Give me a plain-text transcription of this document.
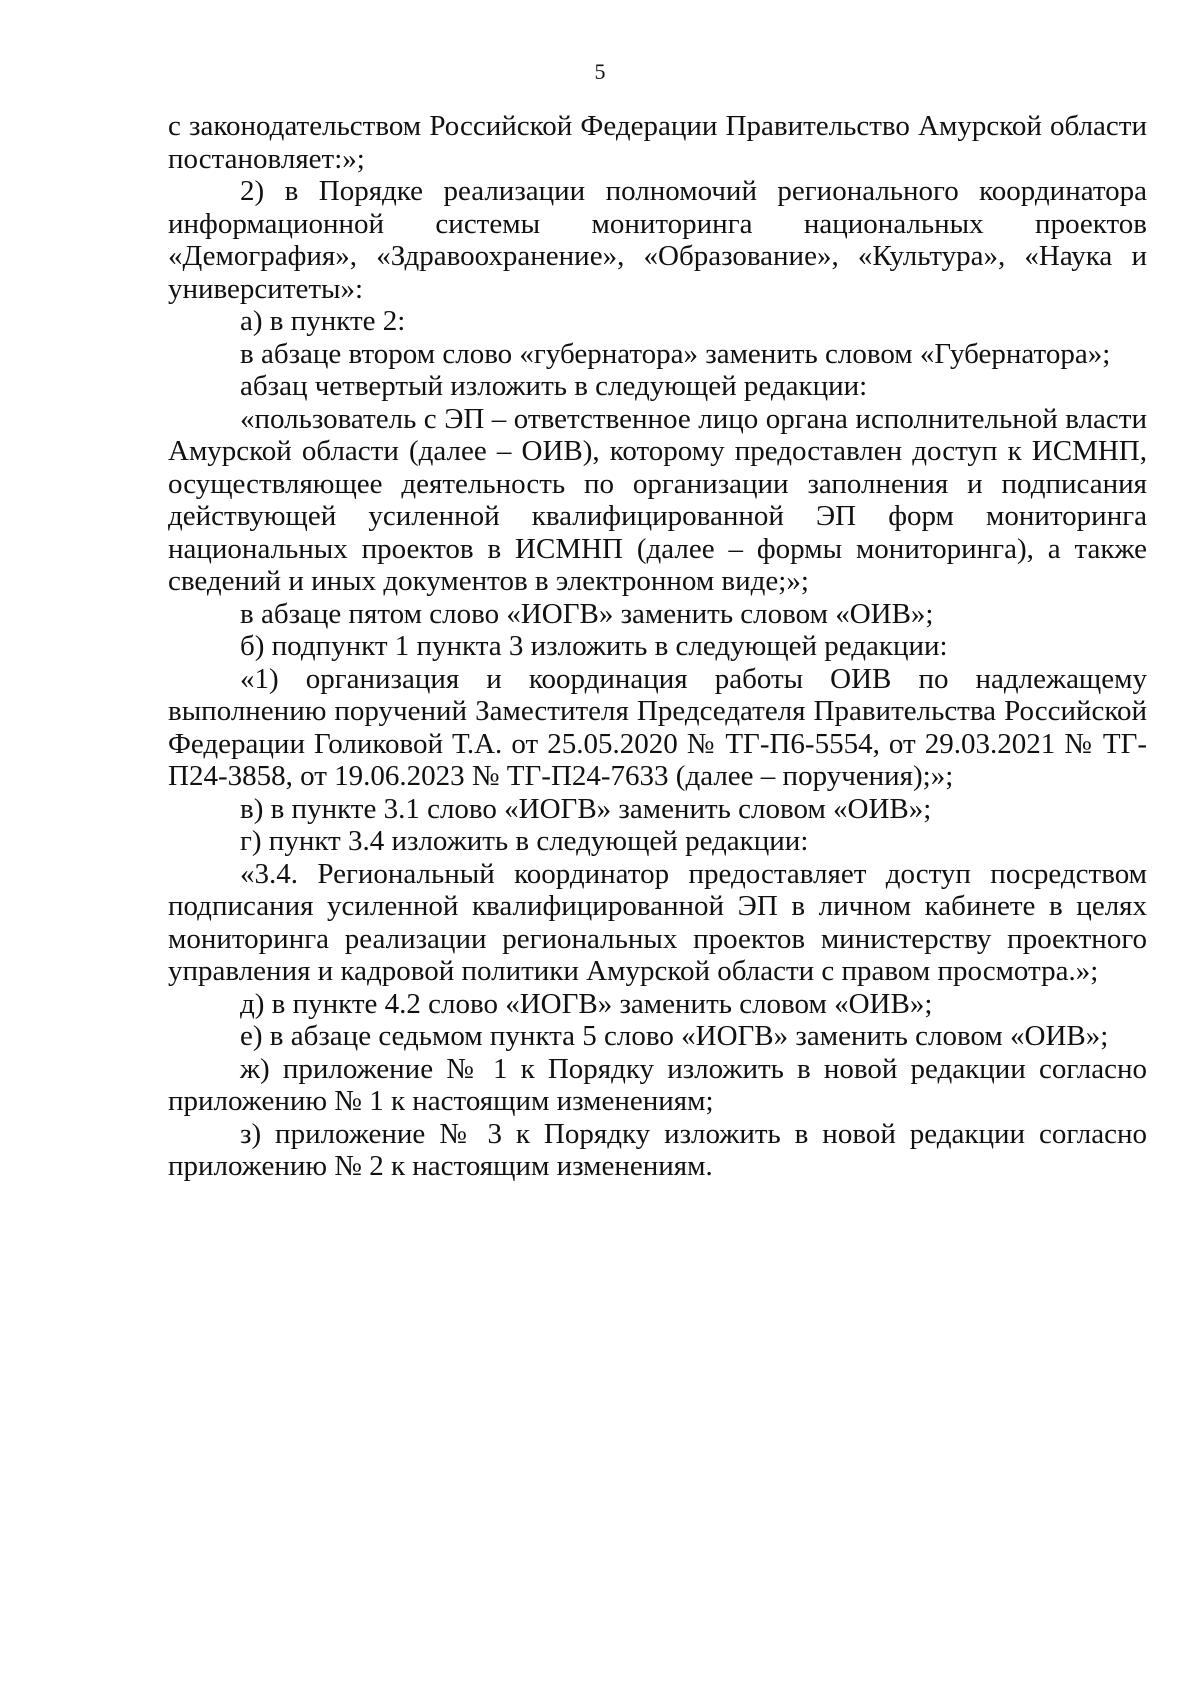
5

с законодательством Российской Федерации Правительство Амурской области постановляет:»;

2) в Порядке реализации полномочий регионального координатора информационной системы мониторинга национальных проектов «Демография», «Здравоохранение», «Образование», «Культура», «Наука и университеты»:

а) в пункте 2:

в абзаце втором слово «губернатора» заменить словом «Губернатора»;

абзац четвертый изложить в следующей редакции:

«пользователь с ЭП – ответственное лицо органа исполнительной власти Амурской области (далее – ОИВ), которому предоставлен доступ к ИСМНП, осуществляющее деятельность по организации заполнения и подписания действующей усиленной квалифицированной ЭП форм мониторинга национальных проектов в ИСМНП (далее – формы мониторинга), а также сведений и иных документов в электронном виде;»;

в абзаце пятом слово «ИОГВ» заменить словом «ОИВ»;

б) подпункт 1 пункта 3 изложить в следующей редакции:

«1) организация и координация работы ОИВ по надлежащему выполнению поручений Заместителя Председателя Правительства Российской Федерации Голиковой Т.А. от 25.05.2020 № ТГ-П6-5554, от 29.03.2021 № ТГ-П24-3858, от 19.06.2023 № ТГ-П24-7633 (далее – поручения);»;

в) в пункте 3.1 слово «ИОГВ» заменить словом «ОИВ»;

г) пункт 3.4 изложить в следующей редакции:

«3.4. Региональный координатор предоставляет доступ посредством подписания усиленной квалифицированной ЭП в личном кабинете в целях мониторинга реализации региональных проектов министерству проектного управления и кадровой политики Амурской области с правом просмотра.»;

д) в пункте 4.2 слово «ИОГВ» заменить словом «ОИВ»;

е) в абзаце седьмом пункта 5 слово «ИОГВ» заменить словом «ОИВ»;

ж) приложение № 1 к Порядку изложить в новой редакции согласно приложению № 1 к настоящим изменениям;

з) приложение № 3 к Порядку изложить в новой редакции согласно приложению № 2 к настоящим изменениям.
